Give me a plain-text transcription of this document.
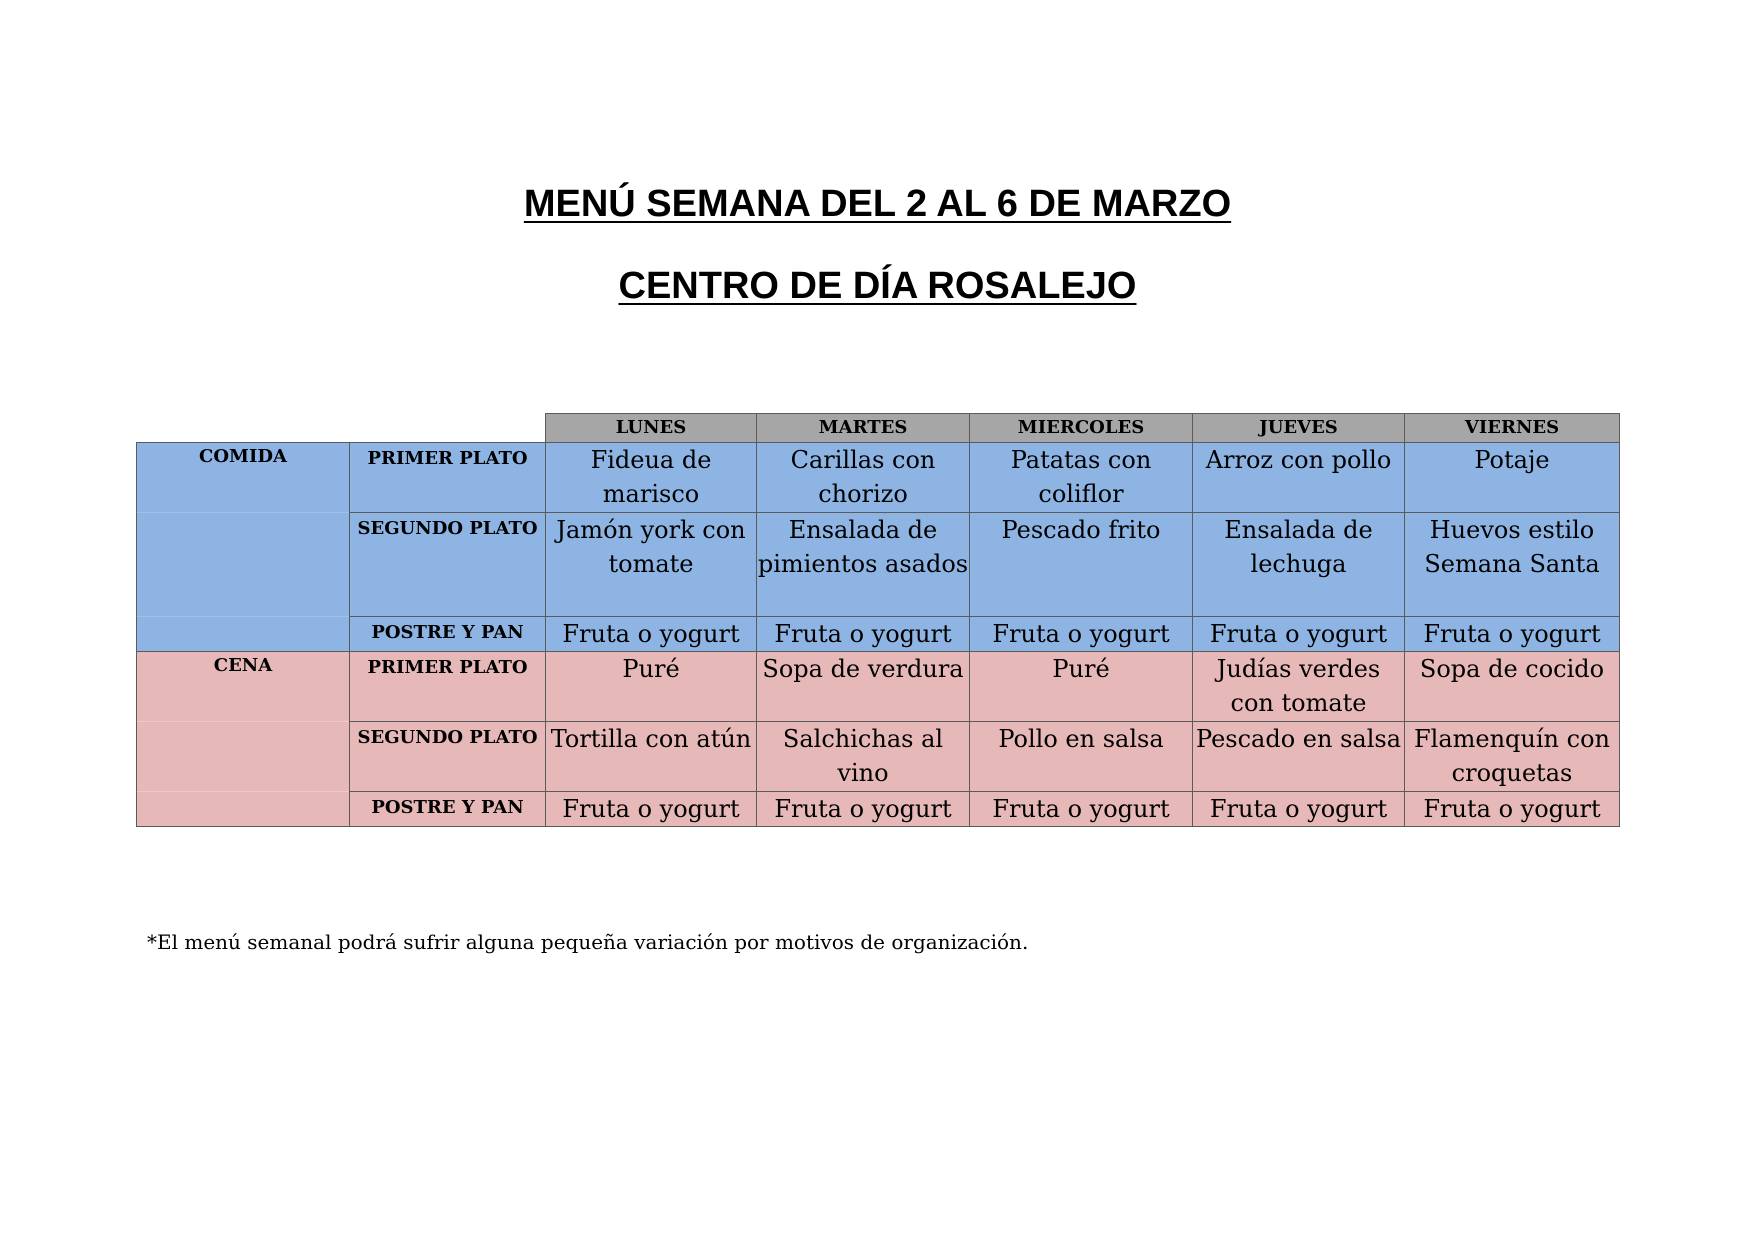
MENÚ SEMANA DEL 2 AL 6 DE MARZO
CENTRO DE DÍA ROSALEJO
		LUNES	MARTES	MIERCOLES	JUEVES	VIERNES
COMIDA	PRIMER PLATO	Fideua de marisco	Carillas con chorizo	Patatas con coliflor	Arroz con pollo	Potaje
	SEGUNDO PLATO	Jamón york con tomate	Ensalada de pimientos asados	Pescado frito	Ensalada de lechuga	Huevos estilo Semana Santa
	POSTRE Y PAN	Fruta o yogurt	Fruta o yogurt	Fruta o yogurt	Fruta o yogurt	Fruta o yogurt
CENA	PRIMER PLATO	Puré	Sopa de verdura	Puré	Judías verdes con tomate	Sopa de cocido
	SEGUNDO PLATO	Tortilla con atún	Salchichas al vino	Pollo en salsa	Pescado en salsa	Flamenquín con croquetas
	POSTRE Y PAN	Fruta o yogurt	Fruta o yogurt	Fruta o yogurt	Fruta o yogurt	Fruta o yogurt

*El menú semanal podrá sufrir alguna pequeña variación por motivos de organización.
